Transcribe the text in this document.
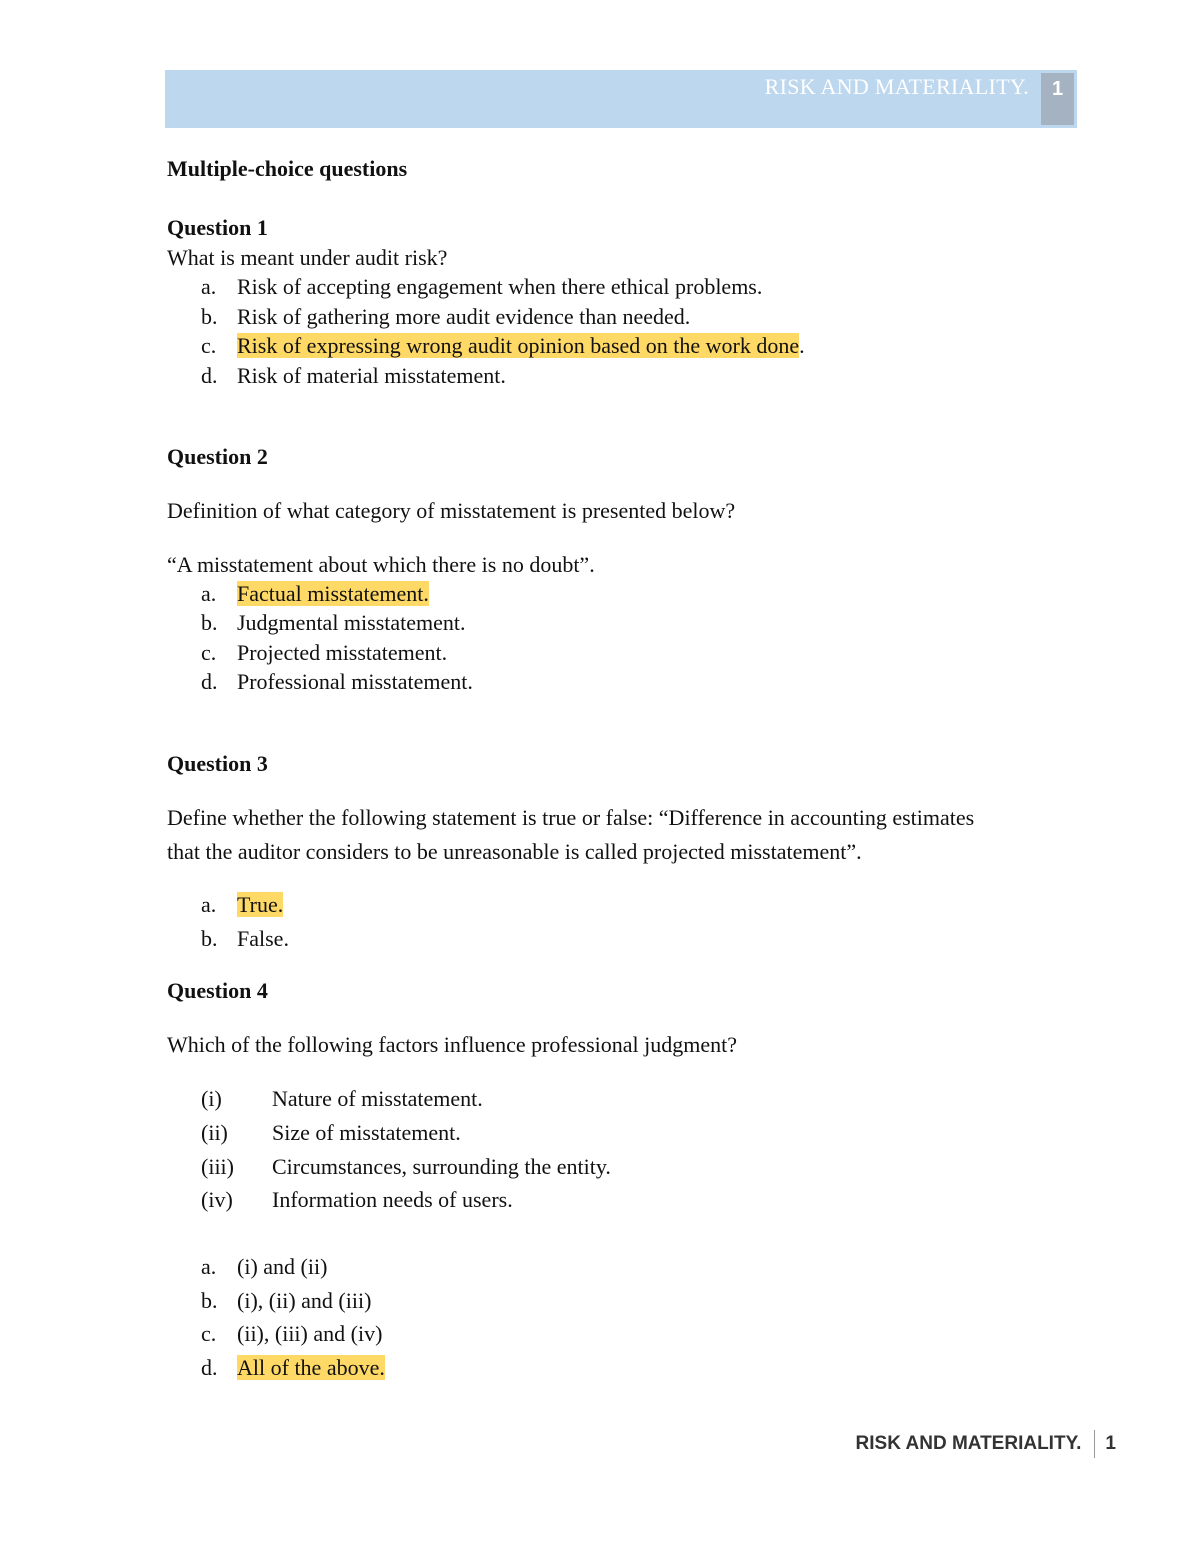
RISK AND MATERIALITY.	1
Multiple-choice questions
Question 1
What is meant under audit risk?
a. Risk of accepting engagement when there ethical problems.
b. Risk of gathering more audit evidence than needed.
c. Risk of expressing wrong audit opinion based on the work done.
d. Risk of material misstatement.
Question 2
Definition of what category of misstatement is presented below?
“A misstatement about which there is no doubt”.
a. Factual misstatement.
b. Judgmental misstatement.
c. Projected misstatement.
d. Professional misstatement.
Question 3
Define whether the following statement is true or false: “Difference in accounting estimates
that the auditor considers to be unreasonable is called projected misstatement”.
a. True.
b. False.
Question 4
Which of the following factors influence professional judgment?
(i) Nature of misstatement.
(ii) Size of misstatement.
(iii) Circumstances, surrounding the entity.
(iv) Information needs of users.
a. (i) and (ii)
b. (i), (ii) and (iii)
c. (ii), (iii) and (iv)
d. All of the above.
RISK AND MATERIALITY. 1
